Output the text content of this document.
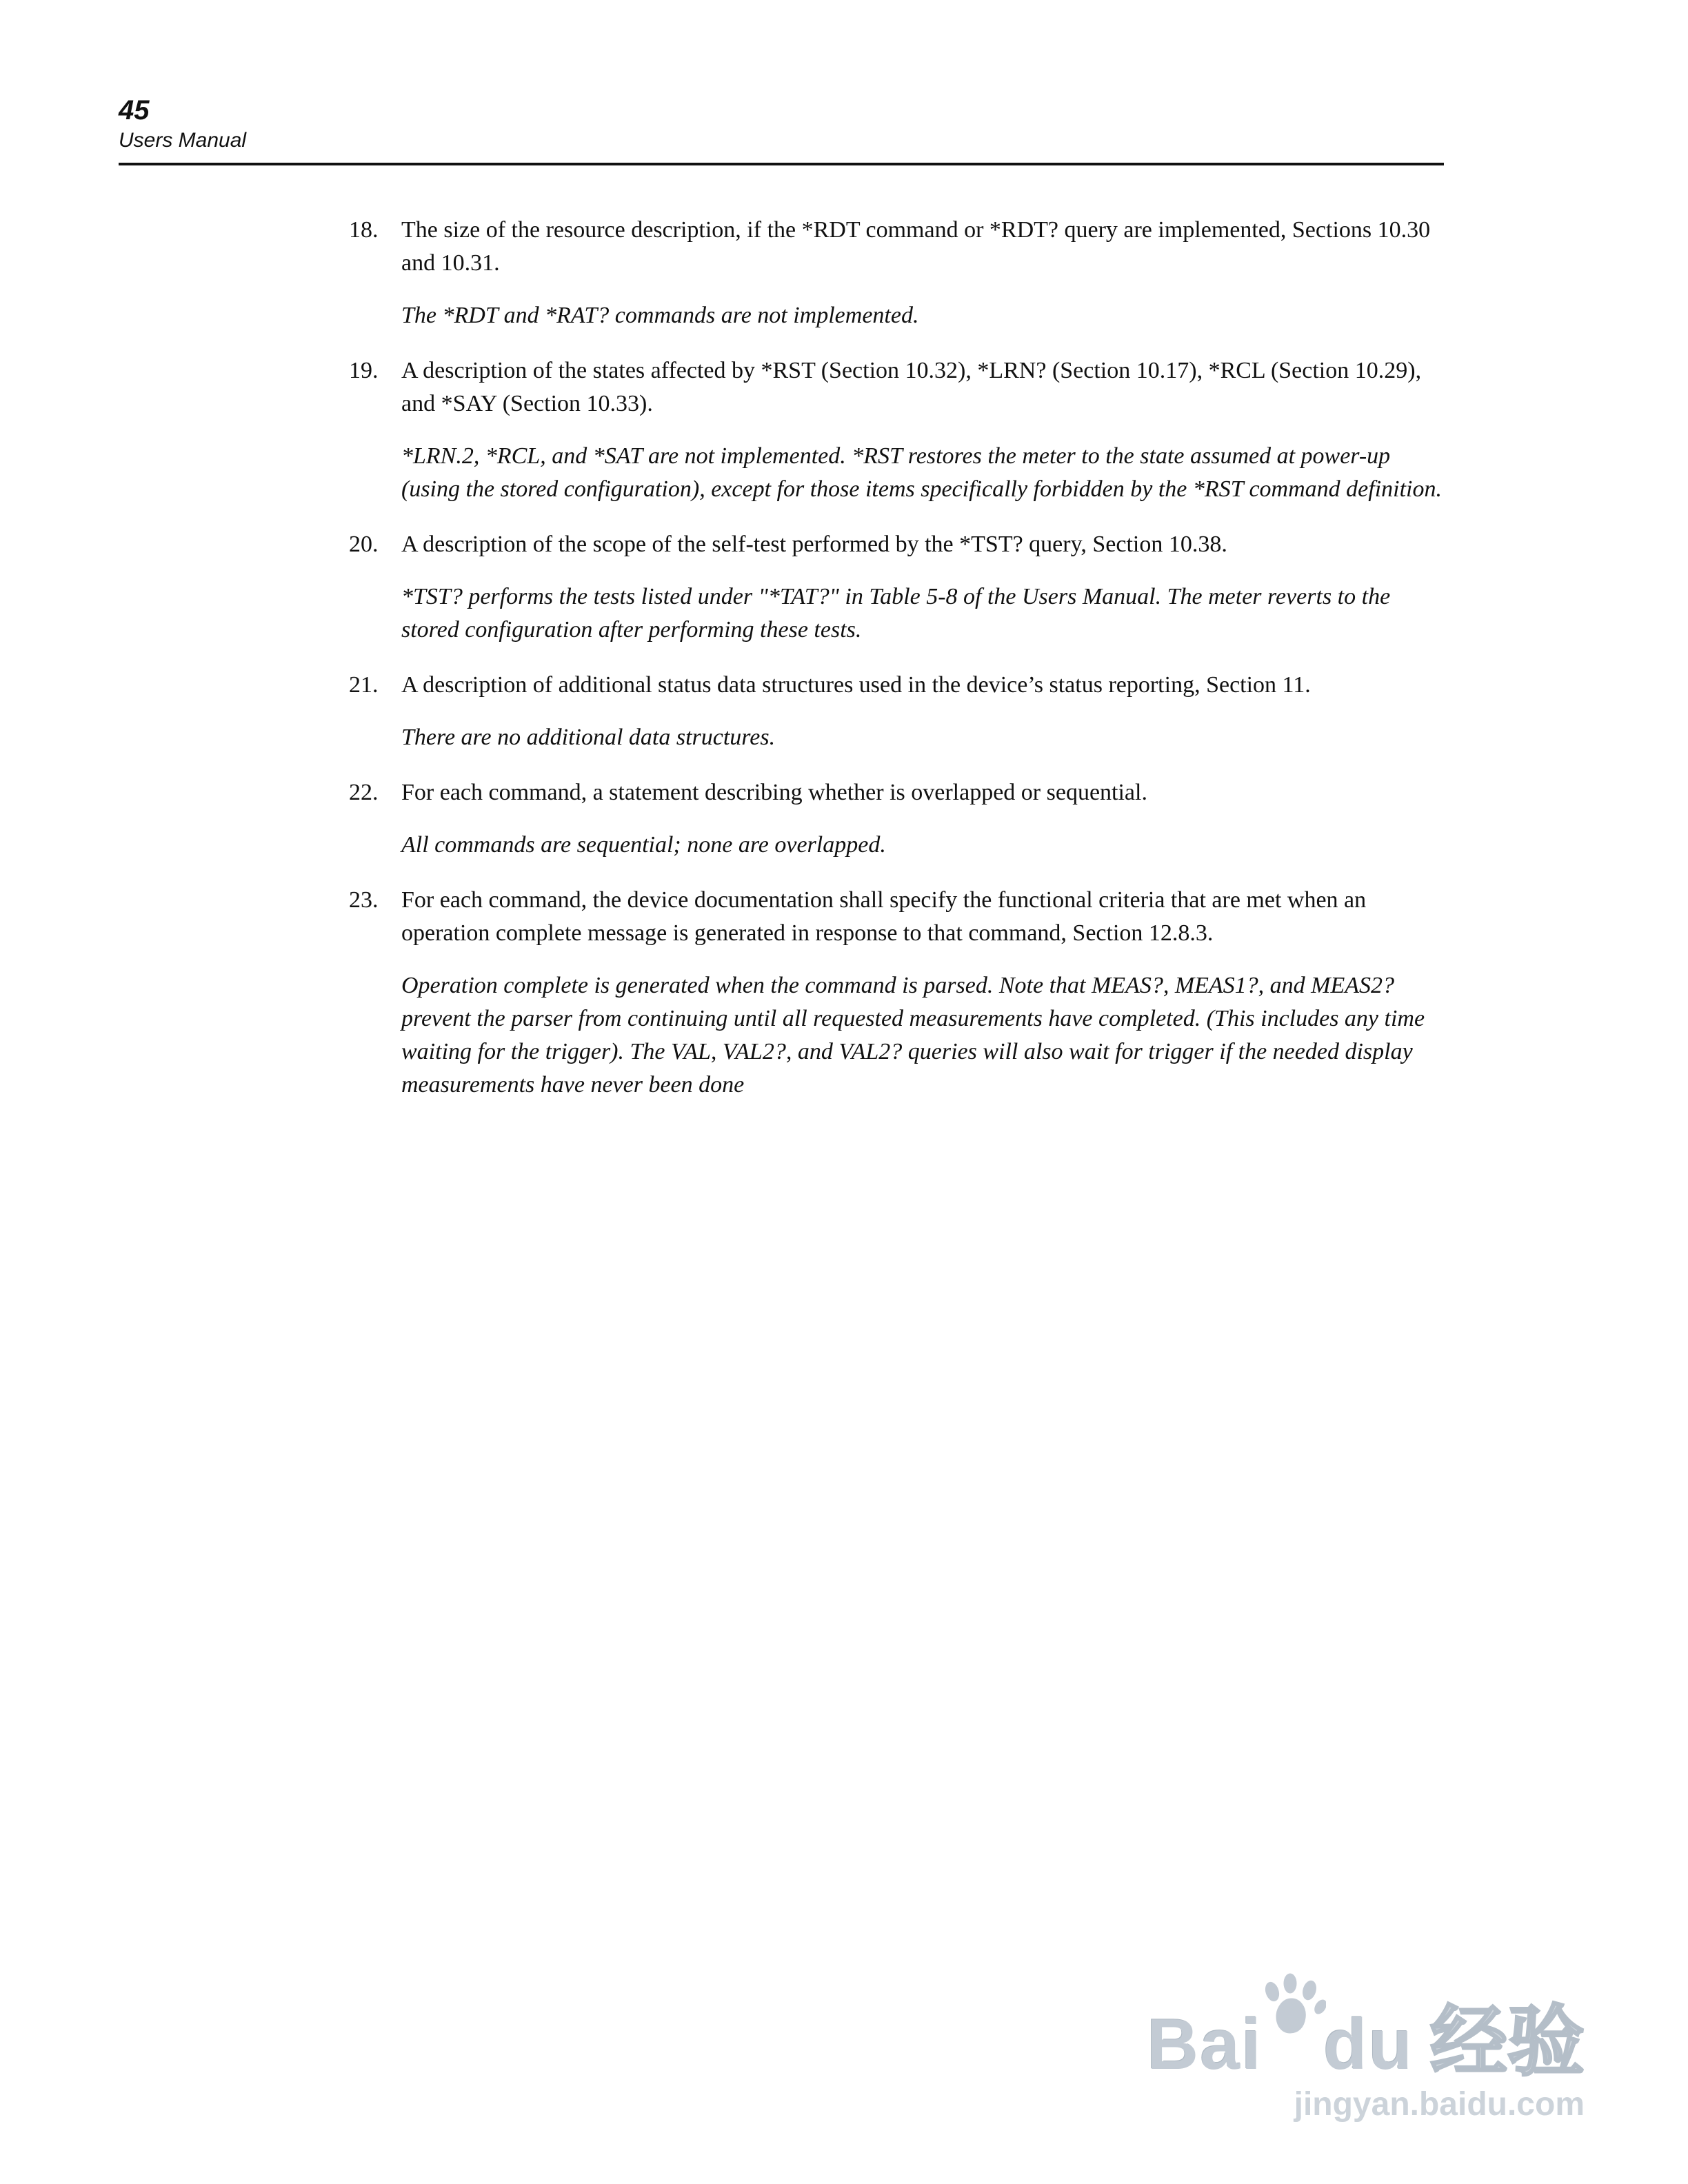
45
Users Manual
18. The size of the resource description, if the *RDT command or *RDT? query are implemented, Sections 10.30 and 10.31.

The *RDT and *RAT? commands are not implemented.

19. A description of the states affected by *RST (Section 10.32), *LRN? (Section 10.17), *RCL (Section 10.29), and *SAY (Section 10.33).

*LRN.2, *RCL, and *SAT are not implemented. *RST restores the meter to the state assumed at power-up (using the stored configuration), except for those items specifically forbidden by the *RST command definition.

20. A description of the scope of the self-test performed by the *TST? query, Section 10.38.

*TST? performs the tests listed under "*TAT?" in Table 5-8 of the Users Manual. The meter reverts to the stored configuration after performing these tests.

21. A description of additional status data structures used in the device’s status reporting, Section 11.

There are no additional data structures.

22. For each command, a statement describing whether is overlapped or sequential.

All commands are sequential; none are overlapped.

23. For each command, the device documentation shall specify the functional criteria that are met when an operation complete message is generated in response to that command, Section 12.8.3.

Operation complete is generated when the command is parsed. Note that MEAS?, MEAS1?, and MEAS2? prevent the parser from continuing until all requested measurements have completed. (This includes any time waiting for the trigger). The VAL, VAL2?, and VAL2? queries will also wait for trigger if the needed display measurements have never been done

Bai du 经验
jingyan.baidu.com
